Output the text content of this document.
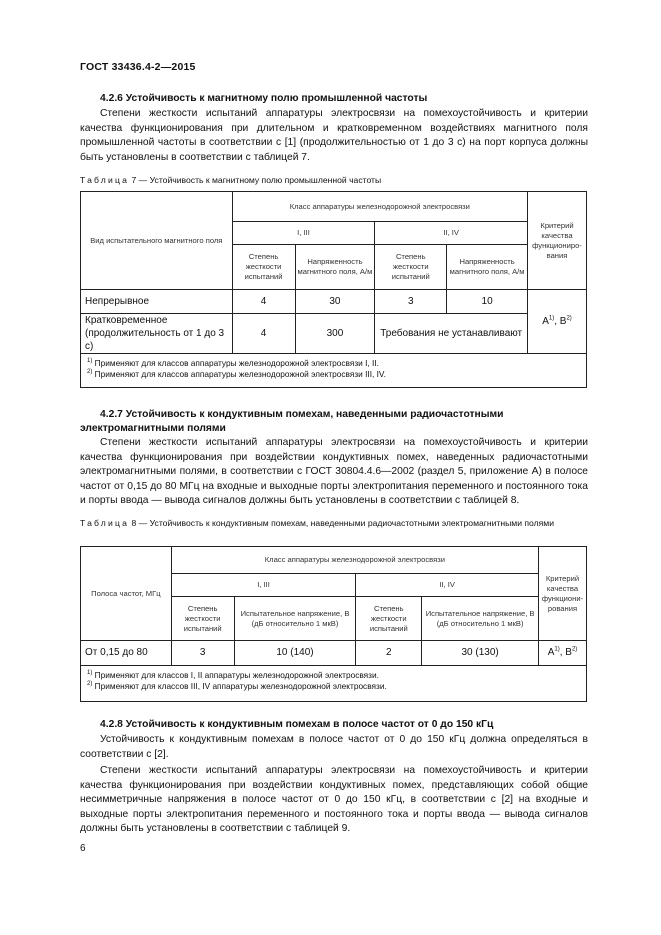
ГОСТ 33436.4-2—2015
4.2.6 Устойчивость к магнитному полю промышленной частоты
Степени жесткости испытаний аппаратуры электросвязи на помехоустойчивость и критерии качества функционирования при длительном и кратковременном воздействиях магнитного поля промышленной частоты в соответствии с [1] (продолжительностью от 1 до 3 с) на порт корпуса должны быть установлены в соответствии с таблицей 7.
Таблица 7 — Устойчивость к магнитному полю промышленной частоты
Вид испытательного магнитного поля	Класс аппаратуры железнодорожной электросвязи				Критерий качества функциониро-вания
	I, III		II, IV		
	Степень жесткости испытаний	Напряженность магнитного поля, А/м	Степень жесткости испытаний	Напряженность магнитного поля, А/м	
Непрерывное	4	30	3	10	$А^{1)}$, $В^{2)}$
Кратковременное (продолжительность от 1 до 3 с)	4	300	Требования не устанавливают		

$^{1)}$ Применяют для классов аппаратуры железнодорожной электросвязи I, II.
$^{2)}$ Применяют для классов аппаратуры железнодорожной электросвязи III, IV.					
4.2.7 Устойчивость к кондуктивным помехам, наведенными радиочастотными электромагнитными полями
Степени жесткости испытаний аппаратуры электросвязи на помехоустойчивость и критерии качества функционирования при воздействии кондуктивных помех, наведенных радиочастотными электромагнитными полями, в соответствии с ГОСТ 30804.4.6—2002 (раздел 5, приложение А) в полосе частот от 0,15 до 80 МГц на входные и выходные порты электропитания переменного и постоянного тока и порты ввода — вывода сигналов должны быть установлены в соответствии с таблицей 8.
Таблица 8 — Устойчивость к кондуктивным помехам, наведенными радиочастотными электромагнитными полями
Полоса частот, МГц	Класс аппаратуры железнодорожной электросвязи				Критерий качества функциони-рования
	I, III		II, IV		
	Степень жесткости испытаний	Испытательное напряжение, В (дБ относительно 1 мкВ)	Степень жесткости испытаний	Испытательное напряжение, В (дБ относительно 1 мкВ)	
От 0,15 до 80	3	10 (140)	2	30 (130)	$А^{1)}$, $В^{2)}$

$^{1)}$ Применяют для классов I, II аппаратуры железнодорожной электросвязи.
$^{2)}$ Применяют для классов III, IV аппаратуры железнодорожной электросвязи.					
4.2.8 Устойчивость к кондуктивным помехам в полосе частот от 0 до 150 кГц
Устойчивость к кондуктивным помехам в полосе частот от 0 до 150 кГц должна определяться в соответствии с [2].
Степени жесткости испытаний аппаратуры электросвязи на помехоустойчивость и критерии качества функционирования при воздействии кондуктивных помех, представляющих собой общие несимметричные напряжения в полосе частот от 0 до 150 кГц, в соответствии с [2] на входные и выходные порты электропитания переменного и постоянного тока и порты ввода — вывода сигналов должны быть установлены в соответствии с таблицей 9.
6
